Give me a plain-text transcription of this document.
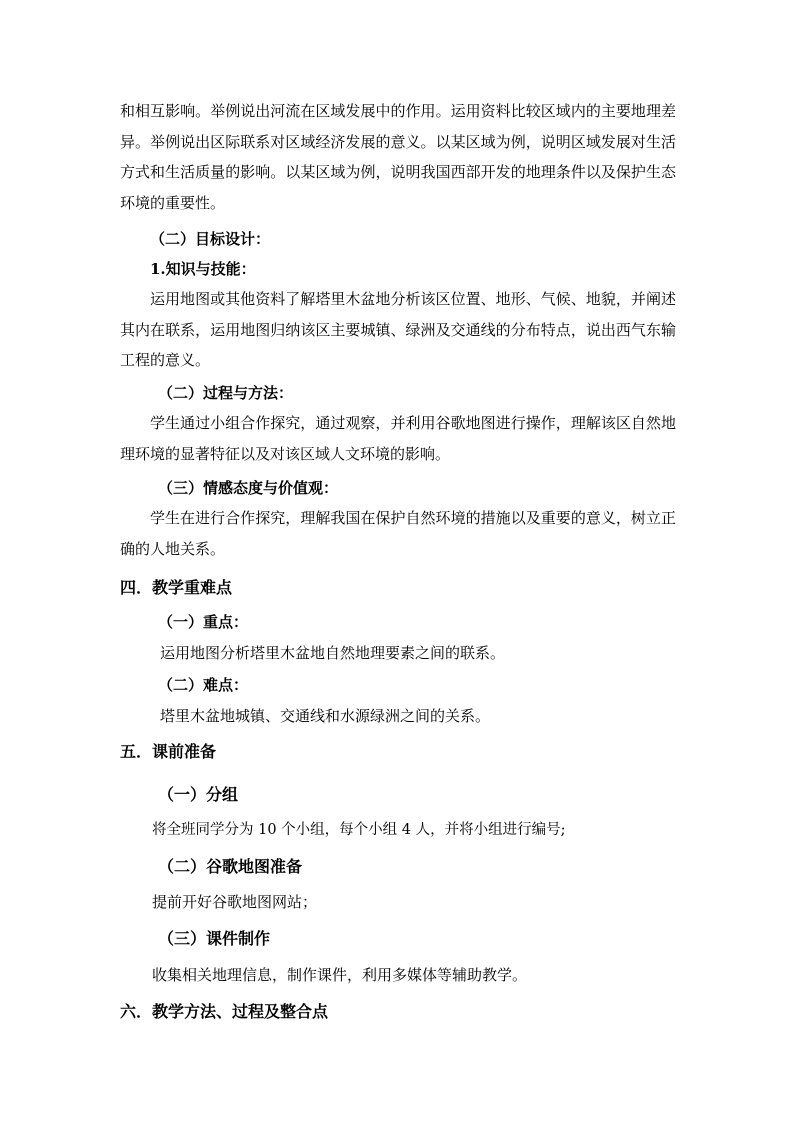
和相互影响。举例说出河流在区域发展中的作用。运用资料比较区域内的主要地理差异。举例说出区际联系对区域经济发展的意义。以某区域为例，说明区域发展对生活方式和生活质量的影响。以某区域为例，说明我国西部开发的地理条件以及保护生态环境的重要性。
（二）目标设计：
1.知识与技能：
运用地图或其他资料了解塔里木盆地分析该区位置、地形、气候、地貌，并阐述其内在联系，运用地图归纳该区主要城镇、绿洲及交通线的分布特点，说出西气东输工程的意义。
（二）过程与方法：
学生通过小组合作探究，通过观察，并利用谷歌地图进行操作，理解该区自然地理环境的显著特征以及对该区域人文环境的影响。
（三）情感态度与价值观：
学生在进行合作探究，理解我国在保护自然环境的措施以及重要的意义，树立正确的人地关系。
四．教学重难点
（一）重点：
运用地图分析塔里木盆地自然地理要素之间的联系。
（二）难点：
塔里木盆地城镇、交通线和水源绿洲之间的关系。
五．课前准备
（一）分组
将全班同学分为 10 个小组，每个小组 4 人，并将小组进行编号;
（二）谷歌地图准备
提前开好谷歌地图网站；
（三）课件制作
收集相关地理信息，制作课件，利用多媒体等辅助教学。
六．教学方法、过程及整合点
